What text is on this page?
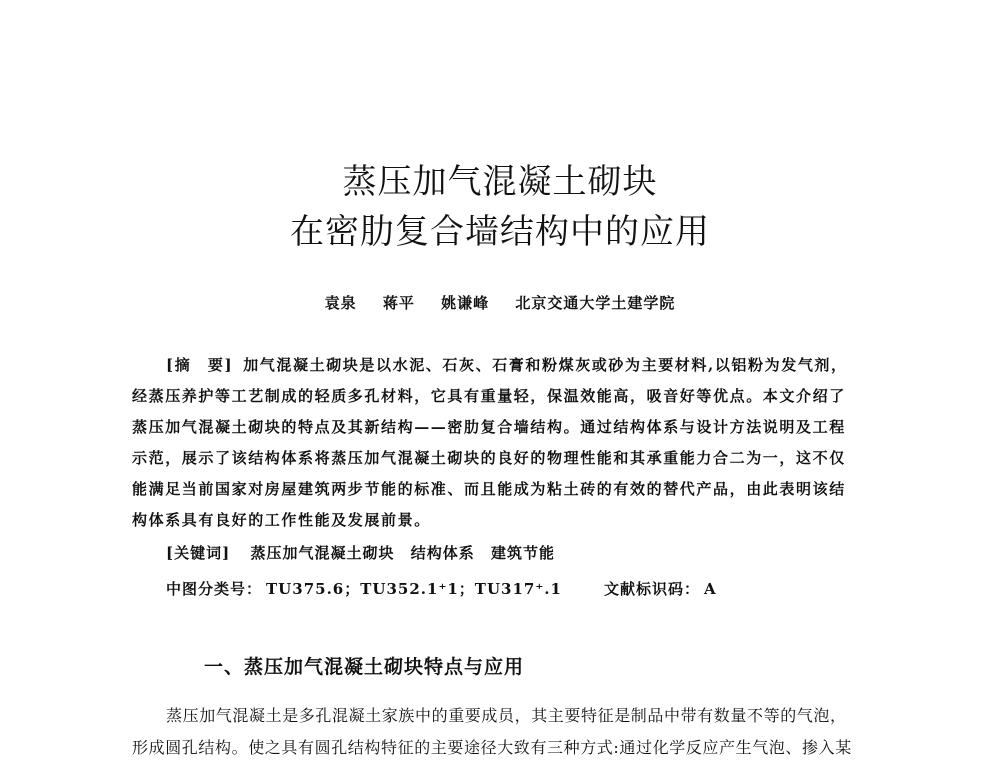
蒸压加气混凝土砌块
在密肋复合墙结构中的应用
袁泉 蒋平 姚谦峰 北京交通大学土建学院
[摘　要] 加气混凝土砌块是以水泥、石灰、石膏和粉煤灰或砂为主要材料,以铝粉为发气剂，
经蒸压养护等工艺制成的轻质多孔材料，它具有重量轻，保温效能高，吸音好等优点。本文介绍了
蒸压加气混凝土砌块的特点及其新结构——密肋复合墙结构。通过结构体系与设计方法说明及工程
示范，展示了该结构体系将蒸压加气混凝土砌块的良好的物理性能和其承重能力合二为一，这不仅
能满足当前国家对房屋建筑两步节能的标准、而且能成为粘土砖的有效的替代产品，由此表明该结
构体系具有良好的工作性能及发展前景。
[关键词] 蒸压加气混凝土砌块 结构体系 建筑节能
中图分类号： TU375.6；TU352.1⁺1；TU317⁺.1	文献标识码： A
一、蒸压加气混凝土砌块特点与应用
蒸压加气混凝土是多孔混凝土家族中的重要成员，其主要特征是制品中带有数量不等的气泡，
形成圆孔结构。使之具有圆孔结构特征的主要途径大致有三种方式:通过化学反应产生气泡、掺入某
